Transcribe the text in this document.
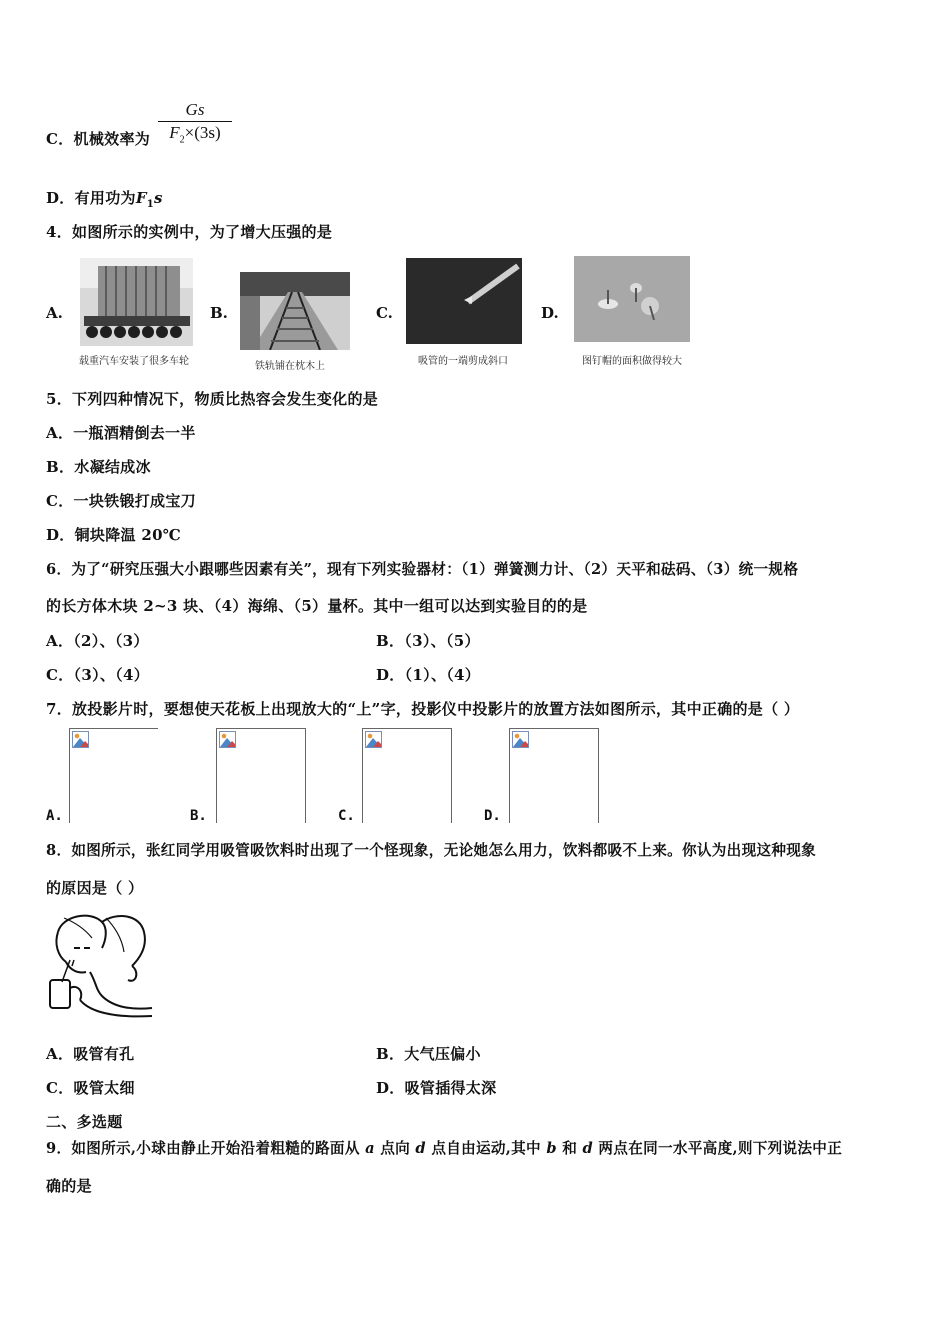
C．机械效率为
Gs
$F_2\times(3s)$
D．有用功为$F_1s$
4．如图所示的实例中，为了增大压强的是
A.
载重汽车安装了很多车轮
B.
铁轨铺在枕木上
C.
吸管的一端剪成斜口
D.
图钉帽的面积做得较大
5．下列四种情况下，物质比热容会发生变化的是
A．一瓶酒精倒去一半
B．水凝结成冰
C．一块铁锻打成宝刀
D．铜块降温 20℃
6．为了“研究压强大小跟哪些因素有关”，现有下列实验器材：（1）弹簧测力计、（2）天平和砝码、（3）统一规格
的长方体木块 2~3 块、（4）海绵、（5）量杯。其中一组可以达到实验目的的是
A．（2）、（3）	B．（3）、（5）
C．（3）、（4）	D．（1）、（4）
7．放投影片时，要想使天花板上出现放大的“上”字，投影仪中投影片的放置方法如图所示，其中正确的是（ ）
A.	B.	C.	D.
8．如图所示，张红同学用吸管吸饮料时出现了一个怪现象，无论她怎么用力，饮料都吸不上来。你认为出现这种现象
的原因是（ ）
A．吸管有孔	B．大气压偏小
C．吸管太细	D．吸管插得太深
二、多选题
9．如图所示,小球由静止开始沿着粗糙的路面从 a 点向 d 点自由运动,其中 b 和 d 两点在同一水平高度,则下列说法中正
确的是
